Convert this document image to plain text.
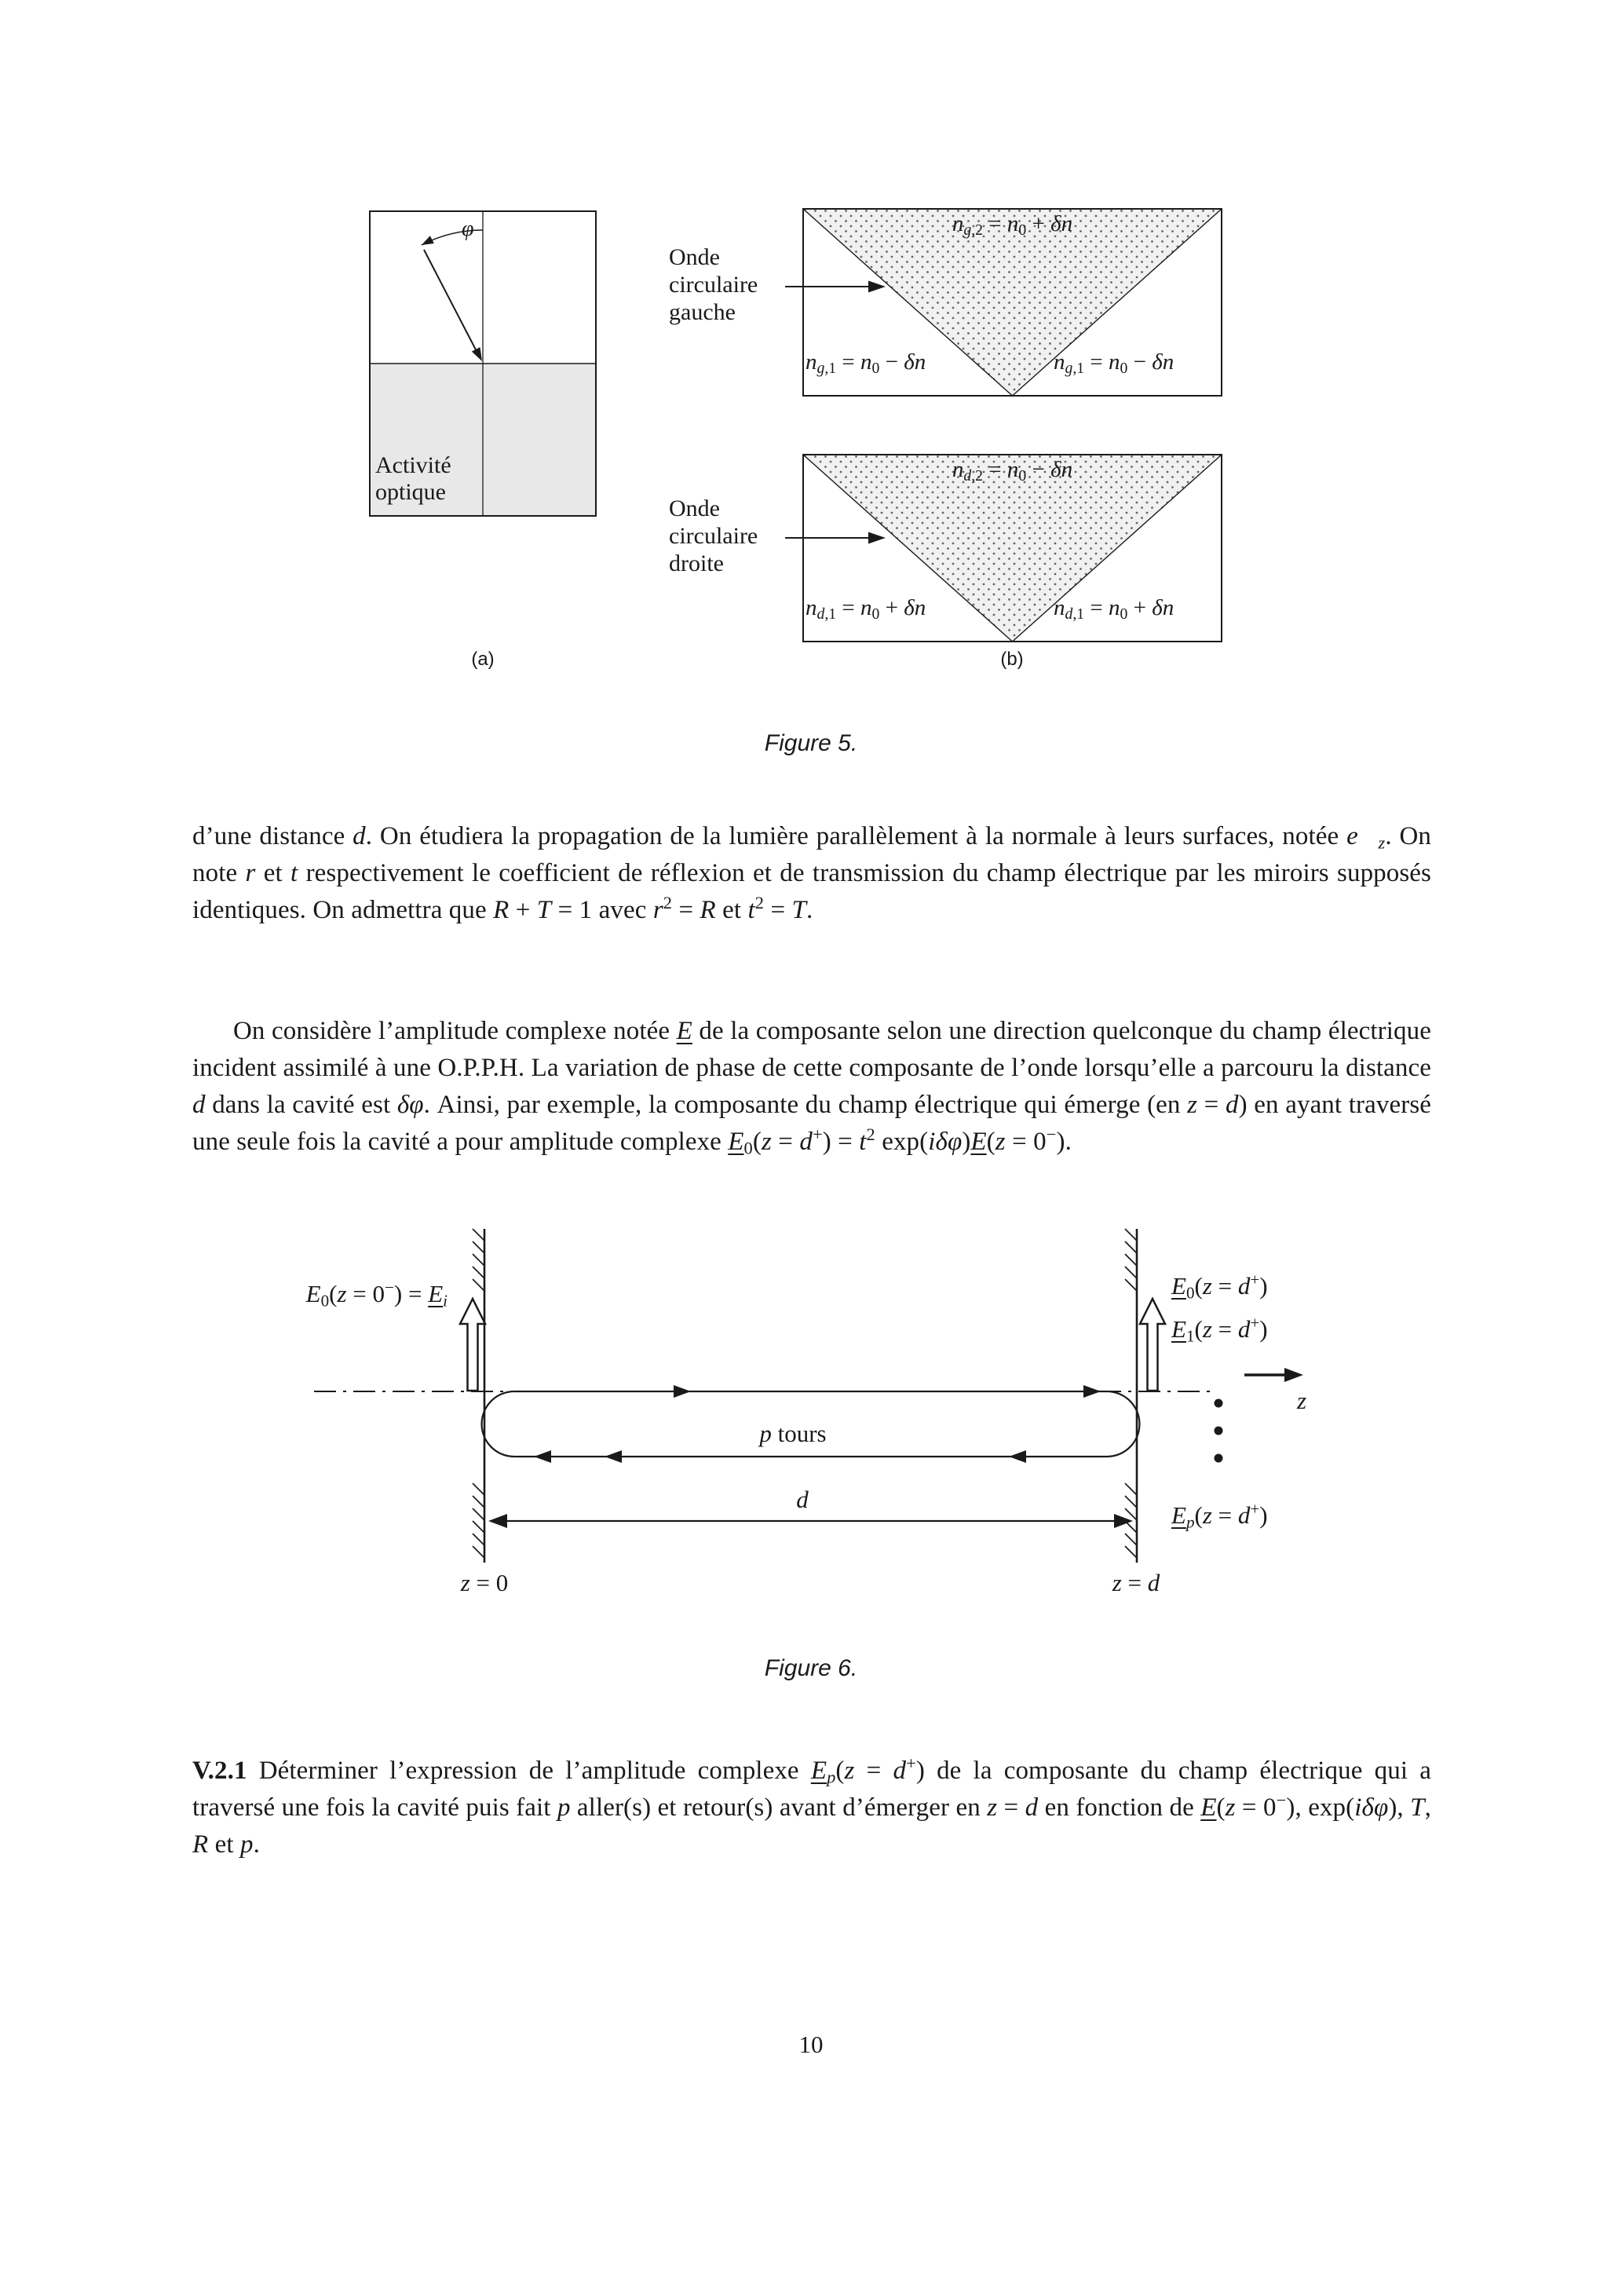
φ
Activité
optique
(a)
Onde
circulaire
gauche
$n_{g,2} = n_0 + \delta n$
$n_{g,1} = n_0 - \delta n$	$n_{g,1} = n_0 - \delta n$
Onde
circulaire
droite
$n_{d,2} = n_0 - \delta n$
$n_{d,1} = n_0 + \delta n$	$n_{d,1} = n_0 + \delta n$
(b)
Figure 5.

d’une distance d. On étudiera la propagation de la lumière parallèlement à la normale à leurs surfaces, notée $e⃗_z$. On note r et t respectivement le coefficient de réflexion et de transmission du champ électrique par les miroirs supposés identiques. On admettra que R + T = 1 avec $r^2 = R$ et $t^2 = T$.

On considère l’amplitude complexe notée E de la composante selon une direction quelconque du champ électrique incident assimilé à une O.P.P.H. La variation de phase de cette composante de l’onde lorsqu’elle a parcouru la distance d dans la cavité est δφ. Ainsi, par exemple, la composante du champ électrique qui émerge (en z = d) en ayant traversé une seule fois la cavité a pour amplitude complexe $E_0(z = d^+) = t^2$ exp(iδφ)E(z = 0−).

$E_0(z = 0^-) = E_i$
$E_0(z = d^+)$
$E_1(z = d^+)$
$E_p(z = d^+)$
p tours
d
z
z = 0	z = d
Figure 6.

V.2.1 Déterminer l’expression de l’amplitude complexe $E_p(z = d^+)$ de la composante du champ électrique qui a traversé une fois la cavité puis fait p aller(s) et retour(s) avant d’émerger en z = d en fonction de E(z = 0−), exp(iδφ), T, R et p.

10
